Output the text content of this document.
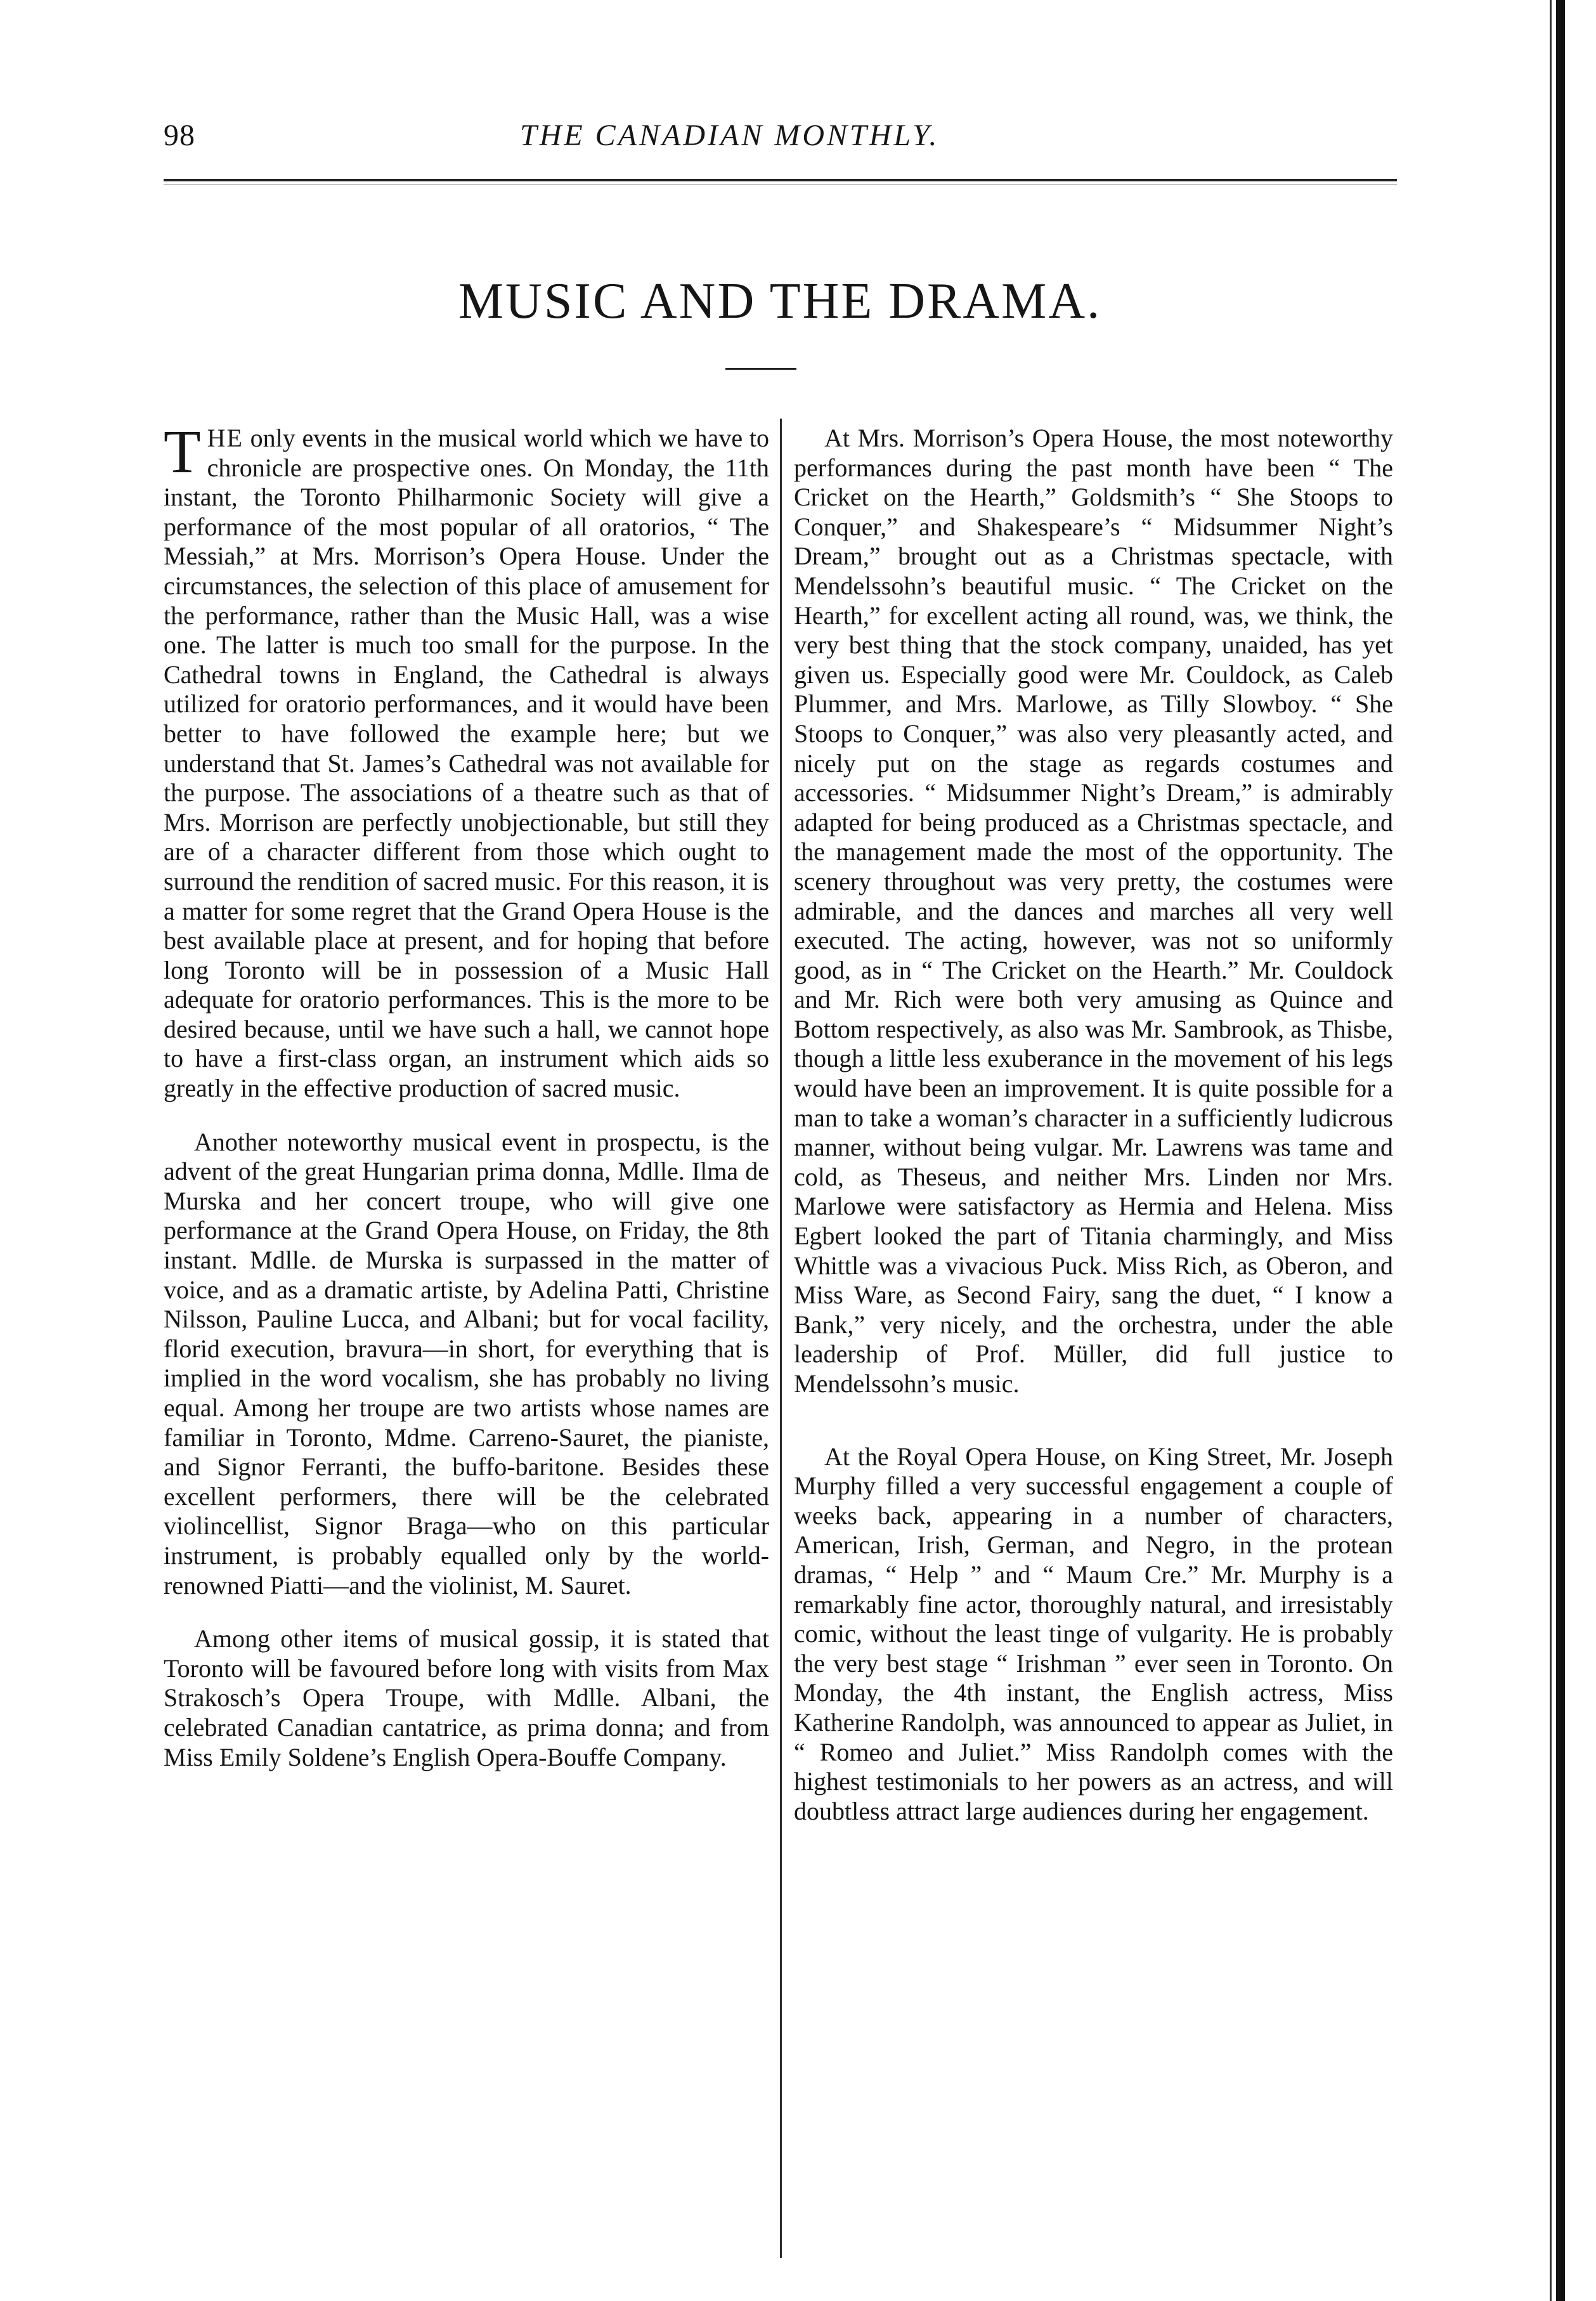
98	THE CANADIAN MONTHLY.
MUSIC AND THE DRAMA.

THE only events in the musical world which we have to chronicle are prospective ones. On Monday, the 11th instant, the Toronto Philharmonic Society will give a performance of the most popular of all oratorios, “ The Messiah,” at Mrs. Morrison’s Opera House. Under the circumstances, the selection of this place of amusement for the performance, rather than the Music Hall, was a wise one. The latter is much too small for the purpose. In the Cathedral towns in England, the Cathedral is always utilized for oratorio performances, and it would have been better to have followed the example here; but we understand that St. James’s Cathedral was not available for the purpose. The associations of a theatre such as that of Mrs. Morrison are perfectly unobjectionable, but still they are of a character different from those which ought to surround the rendition of sacred music. For this reason, it is a matter for some regret that the Grand Opera House is the best available place at present, and for hoping that before long Toronto will be in possession of a Music Hall adequate for oratorio performances. This is the more to be desired because, until we have such a hall, we cannot hope to have a first-class organ, an instrument which aids so greatly in the effective production of sacred music.

Another noteworthy musical event in prospectu, is the advent of the great Hungarian prima donna, Mdlle. Ilma de Murska and her concert troupe, who will give one performance at the Grand Opera House, on Friday, the 8th instant. Mdlle. de Murska is surpassed in the matter of voice, and as a dramatic artiste, by Adelina Patti, Christine Nilsson, Pauline Lucca, and Albani; but for vocal facility, florid execution, bravura—in short, for everything that is implied in the word vocalism, she has probably no living equal. Among her troupe are two artists whose names are familiar in Toronto, Mdme. Carreno-Sauret, the pianiste, and Signor Ferranti, the buffo-baritone. Besides these excellent performers, there will be the celebrated violincellist, Signor Braga—who on this particular instrument, is probably equalled only by the world-renowned Piatti—and the violinist, M. Sauret.

Among other items of musical gossip, it is stated that Toronto will be favoured before long with visits from Max Strakosch’s Opera Troupe, with Mdlle. Albani, the celebrated Canadian cantatrice, as prima donna; and from Miss Emily Soldene’s English Opera-Bouffe Company.

At Mrs. Morrison’s Opera House, the most noteworthy performances during the past month have been “ The Cricket on the Hearth,” Goldsmith’s “ She Stoops to Conquer,” and Shakespeare’s “ Midsummer Night’s Dream,” brought out as a Christmas spectacle, with Mendelssohn’s beautiful music. “ The Cricket on the Hearth,” for excellent acting all round, was, we think, the very best thing that the stock company, unaided, has yet given us. Especially good were Mr. Couldock, as Caleb Plummer, and Mrs. Marlowe, as Tilly Slowboy. “ She Stoops to Conquer,” was also very pleasantly acted, and nicely put on the stage as regards costumes and accessories. “ Midsummer Night’s Dream,” is admirably adapted for being produced as a Christmas spectacle, and the management made the most of the opportunity. The scenery throughout was very pretty, the costumes were admirable, and the dances and marches all very well executed. The acting, however, was not so uniformly good, as in “ The Cricket on the Hearth.” Mr. Couldock and Mr. Rich were both very amusing as Quince and Bottom respectively, as also was Mr. Sambrook, as Thisbe, though a little less exuberance in the movement of his legs would have been an improvement. It is quite possible for a man to take a woman’s character in a sufficiently ludicrous manner, without being vulgar. Mr. Lawrens was tame and cold, as Theseus, and neither Mrs. Linden nor Mrs. Marlowe were satisfactory as Hermia and Helena. Miss Egbert looked the part of Titania charmingly, and Miss Whittle was a vivacious Puck. Miss Rich, as Oberon, and Miss Ware, as Second Fairy, sang the duet, “ I know a Bank,” very nicely, and the orchestra, under the able leadership of Prof. Müller, did full justice to Mendelssohn’s music.

At the Royal Opera House, on King Street, Mr. Joseph Murphy filled a very successful engagement a couple of weeks back, appearing in a number of characters, American, Irish, German, and Negro, in the protean dramas, “ Help ” and “ Maum Cre.” Mr. Murphy is a remarkably fine actor, thoroughly natural, and irresistably comic, without the least tinge of vulgarity. He is probably the very best stage “ Irishman ” ever seen in Toronto. On Monday, the 4th instant, the English actress, Miss Katherine Randolph, was announced to appear as Juliet, in “ Romeo and Juliet.” Miss Randolph comes with the highest testimonials to her powers as an actress, and will doubtless attract large audiences during her engagement.
